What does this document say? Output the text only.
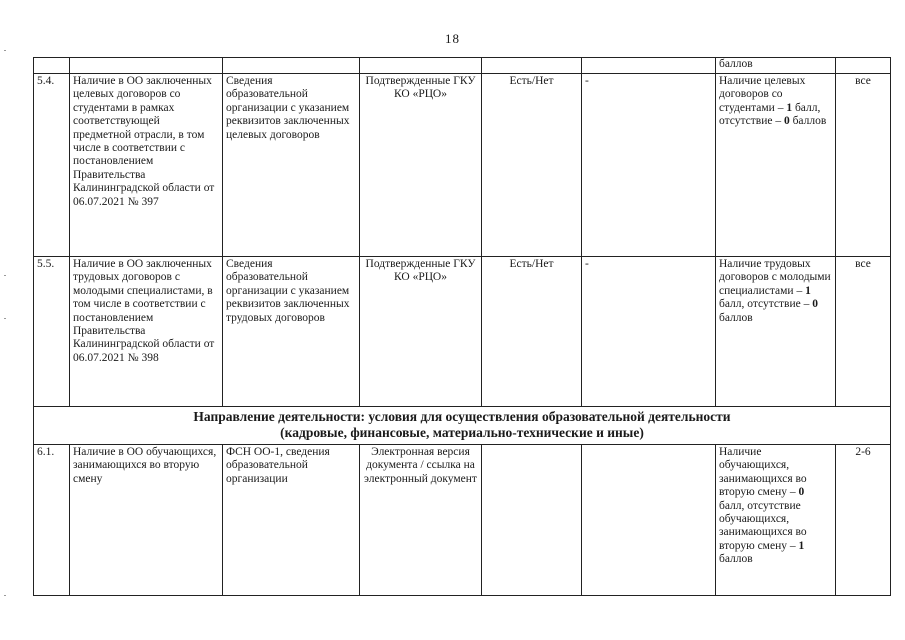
18
						баллов	
5.4.	Наличие в ОО заключенных целевых договоров со студентами в рамках соответствующей предметной отрасли, в том числе в соответствии с постановлением Правительства Калининградской области от 06.07.2021 № 397	Сведения образовательной организации с указанием реквизитов заключенных целевых договоров	Подтвержденные ГКУ КО «РЦО»	Есть/Нет	-	Наличие целевых договоров со студентами – 1 балл, отсутствие – 0 баллов	все
5.5.	Наличие в ОО заключенных трудовых договоров с молодыми специалистами, в том числе в соответствии с постановлением Правительства Калининградской области от 06.07.2021 № 398	Сведения образовательной организации с указанием реквизитов заключенных трудовых договоров	Подтвержденные ГКУ КО «РЦО»	Есть/Нет	-	Наличие трудовых договоров с молодыми специалистами – 1 балл, отсутствие – 0 баллов	все
Направление деятельности: условия для осуществления образовательной деятельности
(кадровые, финансовые, материально-технические и иные)							
6.1.	Наличие в ОО обучающихся, занимающихся во вторую смену	ФСН ОО-1, сведения образовательной организации	Электронная версия документа / ссылка на электронный документ			Наличие обучающихся, занимающихся во вторую смену – 0 балл, отсутствие обучающихся, занимающихся во вторую смену – 1 баллов	2-6
